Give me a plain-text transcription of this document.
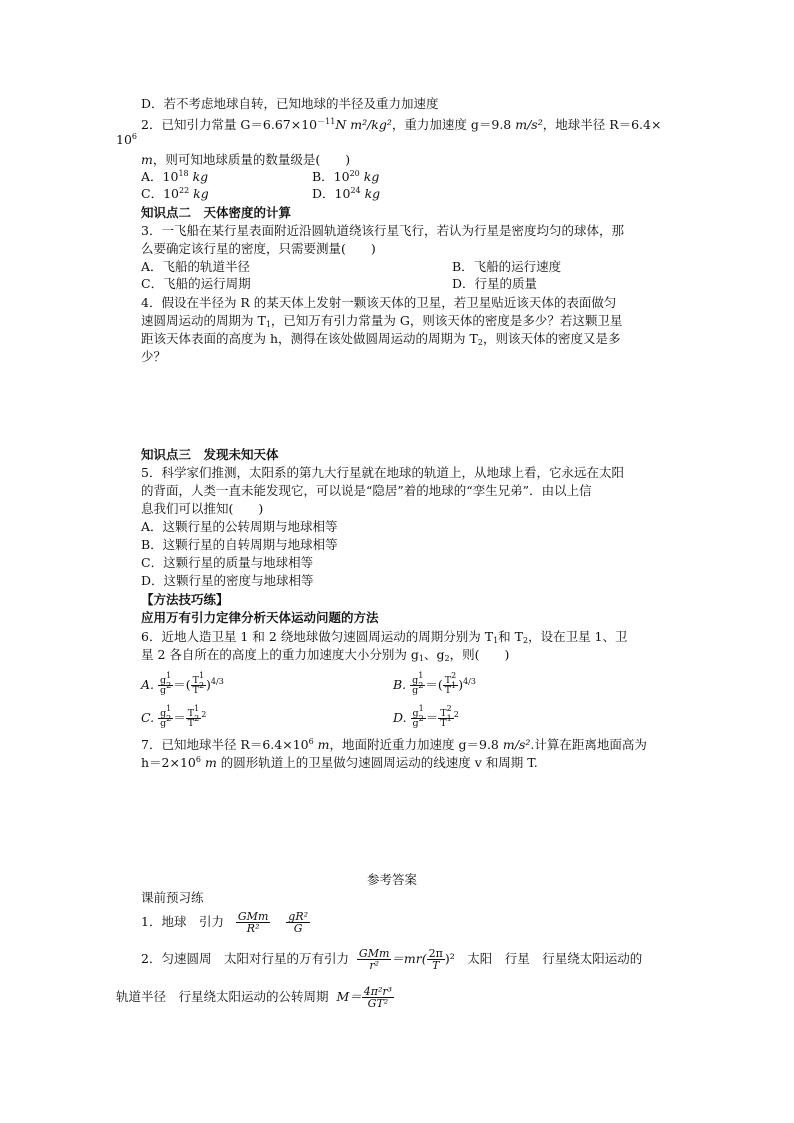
D．若不考虑地球自转，已知地球的半径及重力加速度
2．已知引力常量 $G=6.67\times 10^{-11}N$ m²/kg²，重力加速度 g＝9.8 m/s²，地球半径 R＝6.4×
$10^6$
m，则可知地球质量的数量级是(　　)
A．$10^{18}$ kg	B．$10^{20}$ kg
C．$10^{22}$ kg	D．$10^{24}$ kg
知识点二　天体密度的计算
3．一飞船在某行星表面附近沿圆轨道绕该行星飞行，若认为行星是密度均匀的球体，那
么要确定该行星的密度，只需要测量(　　)
A．飞船的轨道半径	B．飞船的运行速度
C．飞船的运行周期	D．行星的质量
4．假设在半径为 R 的某天体上发射一颗该天体的卫星，若卫星贴近该天体的表面做匀
速圆周运动的周期为 $T_1$，已知万有引力常量为 G，则该天体的密度是多少？若这颗卫星
距该天体表面的高度为 h，测得在该处做圆周运动的周期为 $T_2$，则该天体的密度又是多
少？
知识点三　发现未知天体
5．科学家们推测，太阳系的第九大行星就在地球的轨道上，从地球上看，它永远在太阳
的背面，人类一直未能发现它，可以说是“隐居”着的地球的“孪生兄弟”．由以上信
息我们可以推知(　　)
A．这颗行星的公转周期与地球相等
B．这颗行星的自转周期与地球相等
C．这颗行星的质量与地球相等
D．这颗行星的密度与地球相等
【方法技巧练】
应用万有引力定律分析天体运动问题的方法
6．近地人造卫星 1 和 2 绕地球做匀速圆周运动的周期分别为 $T_1$和 $T_2$，设在卫星 1、卫
星 2 各自所在的高度上的重力加速度大小分别为 $g_1$、$g_2$，则(　　)
A. $\frac{g^1}{g^2}$ ＝( $\frac{T^1}{T^2} )^{4/3}$	B. $\frac{g^1}{g^2}$ ＝( $\frac{T^2}{T^1} )^{4/3}$
C. $\frac{g^1}{g^2} = \frac{T^1}{T^2} ^2$	D. $\frac{g^1}{g^2} = \frac{T^2}{T^1} ^2$
7．已知地球半径 $R=6.4\times 10^6$ m，地面附近重力加速度 g＝9.8 m/s².计算在距离地面高为
$h=2\times 10^6$ m 的圆形轨道上的卫星做匀速圆周运动的线速度 v 和周期 T.
参考答案
课前预习练
1．地球　引力 $\frac{\text{GMm}}{\text{R²}}$
$\frac{\text{gR²}}{G}$
2．匀速圆周　太阳对行星的万有引力 $\frac{\text{GMm}}{\text{r²}} =mr( \frac{2\pi}{T} )^2$　太阳　行星　行星绕太阳运动的
轨道半径　行星绕太阳运动的公转周期 $M= \frac{\text{4π²r³}}{\text{GT²}}$
